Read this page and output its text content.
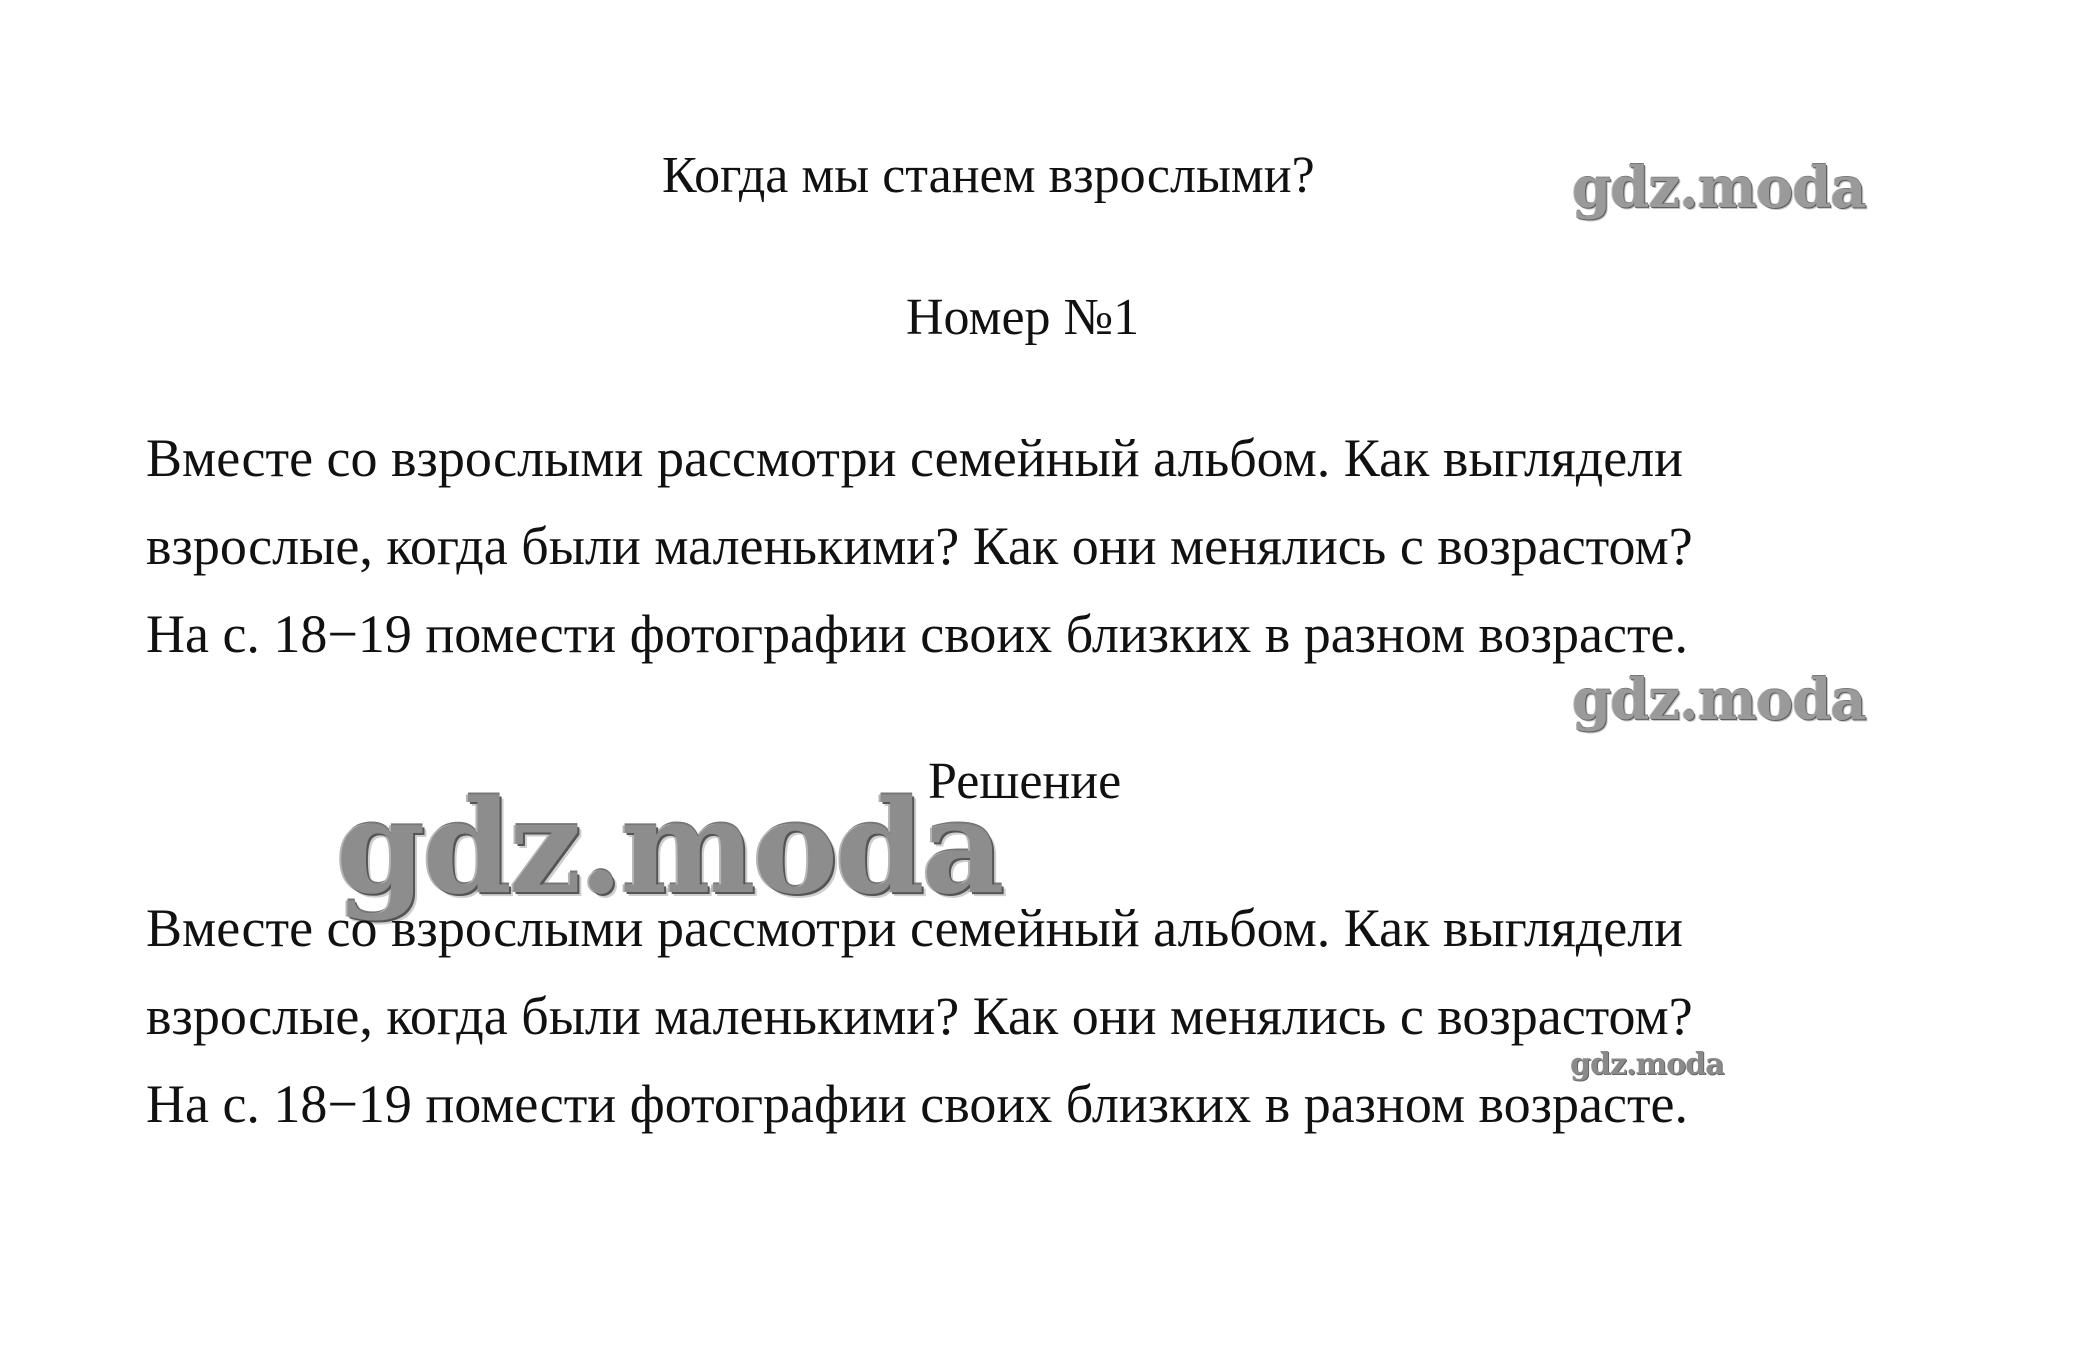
Когда мы станем взрослыми?	gdz.moda
Номер №1
Вместе со взрослыми рассмотри семейный альбом. Как выглядели
взрослые, когда были маленькими? Как они менялись с возрастом?
На с. 18−19 помести фотографии своих близких в разном возрасте.
gdz.moda
Решение
gdz.moda
Вместе со взрослыми рассмотри семейный альбом. Как выглядели
взрослые, когда были маленькими? Как они менялись с возрастом?
На с. 18−19 помести фотографии своих близких в разном возрасте.
gdz.moda
